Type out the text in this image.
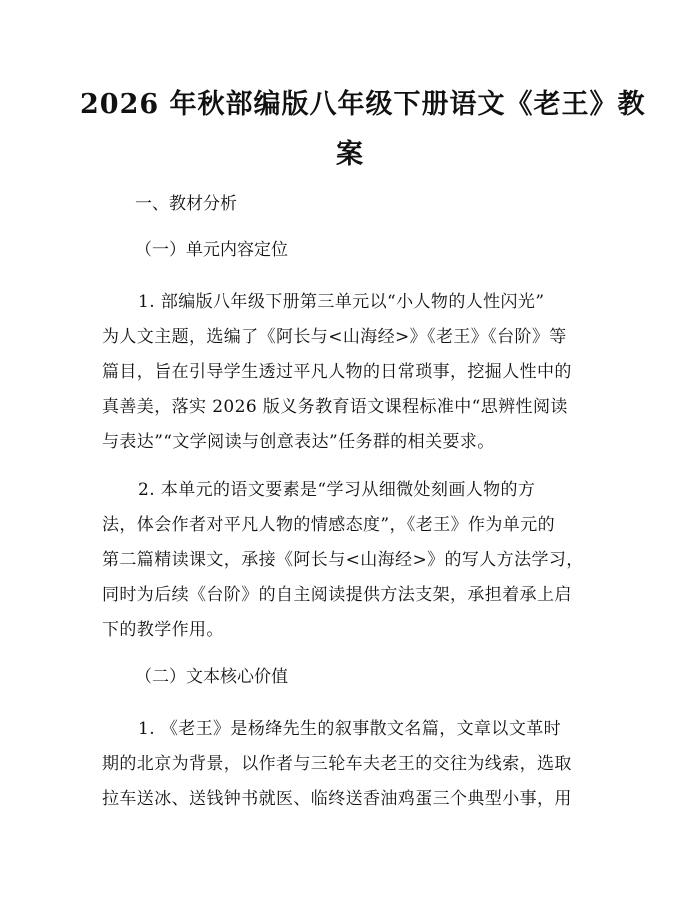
2026 年秋部编版八年级下册语文《老王》教
案
一、教材分析
（一）单元内容定位
1. 部编版八年级下册第三单元以“小人物的人性闪光”
为人文主题，选编了《阿长与<山海经>》《老王》《台阶》等
篇目，旨在引导学生透过平凡人物的日常琐事，挖掘人性中的
真善美，落实 2026 版义务教育语文课程标准中“思辨性阅读
与表达”“文学阅读与创意表达”任务群的相关要求。
2. 本单元的语文要素是“学习从细微处刻画人物的方
法，体会作者对平凡人物的情感态度”，《老王》作为单元的
第二篇精读课文，承接《阿长与<山海经>》的写人方法学习，
同时为后续《台阶》的自主阅读提供方法支架，承担着承上启
下的教学作用。
（二）文本核心价值
1. 《老王》是杨绛先生的叙事散文名篇，文章以文革时
期的北京为背景，以作者与三轮车夫老王的交往为线索，选取
拉车送冰、送钱钟书就医、临终送香油鸡蛋三个典型小事，用
